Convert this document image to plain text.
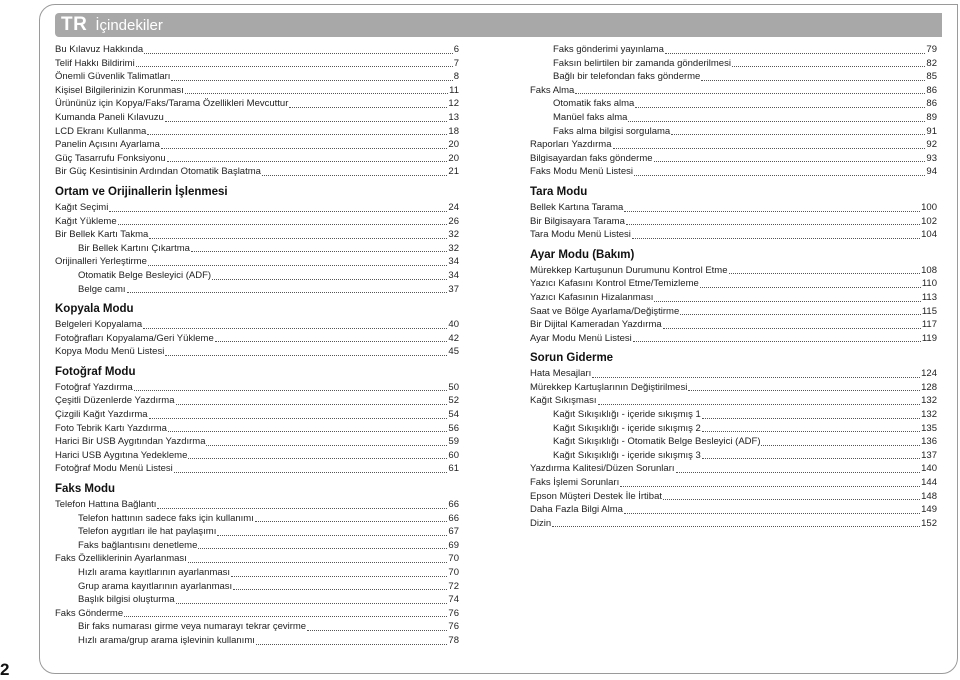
TR İçindekiler
2
Bu Kılavuz Hakkında	6
Telif Hakkı Bildirimi	7
Önemli Güvenlik Talimatları	8
Kişisel Bilgilerinizin Korunması	11
Ürününüz için Kopya/Faks/Tarama Özellikleri Mevcuttur	12
Kumanda Paneli Kılavuzu	13
LCD Ekranı Kullanma	18
Panelin Açısını Ayarlama	20
Güç Tasarrufu Fonksiyonu	20
Bir Güç Kesintisinin Ardından Otomatik Başlatma	21
Ortam ve Orijinallerin İşlenmesi
Kağıt Seçimi	24
Kağıt Yükleme	26
Bir Bellek Kartı Takma	32
Bir Bellek Kartını Çıkartma	32
Orijinalleri Yerleştirme	34
Otomatik Belge Besleyici (ADF)	34
Belge camı	37
Kopyala Modu
Belgeleri Kopyalama	40
Fotoğrafları Kopyalama/Geri Yükleme	42
Kopya Modu Menü Listesi	45
Fotoğraf Modu
Fotoğraf Yazdırma	50
Çeşitli Düzenlerde Yazdırma	52
Çizgili Kağıt Yazdırma	54
Foto Tebrik Kartı Yazdırma	56
Harici Bir USB Aygıtından Yazdırma	59
Harici USB Aygıtına Yedekleme	60
Fotoğraf Modu Menü Listesi	61
Faks Modu
Telefon Hattına Bağlantı	66
Telefon hattının sadece faks için kullanımı	66
Telefon aygıtları ile hat paylaşımı	67
Faks bağlantısını denetleme	69
Faks Özelliklerinin Ayarlanması	70
Hızlı arama kayıtlarının ayarlanması	70
Grup arama kayıtlarının ayarlanması	72
Başlık bilgisi oluşturma	74
Faks Gönderme	76
Bir faks numarası girme veya numarayı tekrar çevirme	76
Hızlı arama/grup arama işlevinin kullanımı	78
Faks gönderimi yayınlama	79
Faksın belirtilen bir zamanda gönderilmesi	82
Bağlı bir telefondan faks gönderme	85
Faks Alma	86
Otomatik faks alma	86
Manüel faks alma	89
Faks alma bilgisi sorgulama	91
Raporları Yazdırma	92
Bilgisayardan faks gönderme	93
Faks Modu Menü Listesi	94
Tara Modu
Bellek Kartına Tarama	100
Bir Bilgisayara Tarama	102
Tara Modu Menü Listesi	104
Ayar Modu (Bakım)
Mürekkep Kartuşunun Durumunu Kontrol Etme	108
Yazıcı Kafasını Kontrol Etme/Temizleme	110
Yazıcı Kafasının Hizalanması	113
Saat ve Bölge Ayarlama/Değiştirme	115
Bir Dijital Kameradan Yazdırma	117
Ayar Modu Menü Listesi	119
Sorun Giderme
Hata Mesajları	124
Mürekkep Kartuşlarının Değiştirilmesi	128
Kağıt Sıkışması	132
Kağıt Sıkışıklığı - içeride sıkışmış 1	132
Kağıt Sıkışıklığı - içeride sıkışmış 2	135
Kağıt Sıkışıklığı - Otomatik Belge Besleyici (ADF)	136
Kağıt Sıkışıklığı - içeride sıkışmış 3	137
Yazdırma Kalitesi/Düzen Sorunları	140
Faks İşlemi Sorunları	144
Epson Müşteri Destek İle İrtibat	148
Daha Fazla Bilgi Alma	149
Dizin	152
